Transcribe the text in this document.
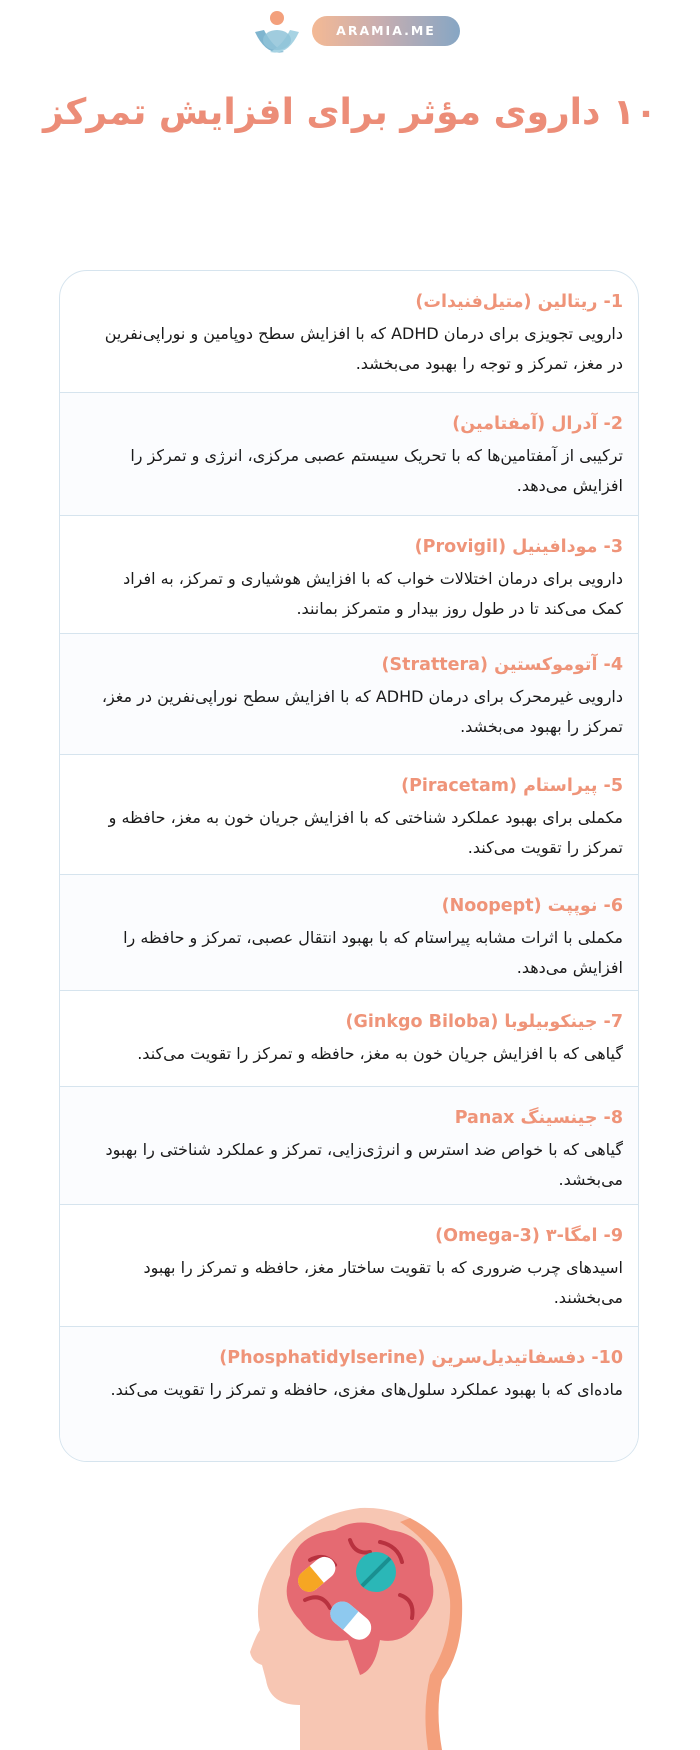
ARAMIA.ME
۱۰ داروی مؤثر برای افزایش تمرکز
1- ریتالین (متیل‌فنیدات)
دارویی تجویزی برای درمان ADHD که با افزایش سطح دوپامین و نوراپی‌نفرین در مغز، تمرکز و توجه را بهبود می‌بخشد.
2- آدرال (آمفتامین)
ترکیبی از آمفتامین‌ها که با تحریک سیستم عصبی مرکزی، انرژی و تمرکز را افزایش می‌دهد.
3- مودافینیل (Provigil)
دارویی برای درمان اختلالات خواب که با افزایش هوشیاری و تمرکز، به افراد کمک می‌کند تا در طول روز بیدار و متمرکز بمانند.
4- آتوموکستین (Strattera)
دارویی غیرمحرک برای درمان ADHD که با افزایش سطح نوراپی‌نفرین در مغز، تمرکز را بهبود می‌بخشد.
5- پیراستام (Piracetam)
مکملی برای بهبود عملکرد شناختی که با افزایش جریان خون به مغز، حافظه و تمرکز را تقویت می‌کند.
6- نوپپت (Noopept)
مکملی با اثرات مشابه پیراستام که با بهبود انتقال عصبی، تمرکز و حافظه را افزایش می‌دهد.
7- جینکوبیلوبا (Ginkgo Biloba)
گیاهی که با افزایش جریان خون به مغز، حافظه و تمرکز را تقویت می‌کند.
8- جینسینگ Panax
گیاهی که با خواص ضد استرس و انرژی‌زایی، تمرکز و عملکرد شناختی را بهبود می‌بخشد.
9- امگا-۳ (Omega-3)
اسیدهای چرب ضروری که با تقویت ساختار مغز، حافظه و تمرکز را بهبود می‌بخشند.
10- دفسفاتیدیل‌سرین (Phosphatidylserine)
ماده‌ای که با بهبود عملکرد سلول‌های مغزی، حافظه و تمرکز را تقویت می‌کند.
